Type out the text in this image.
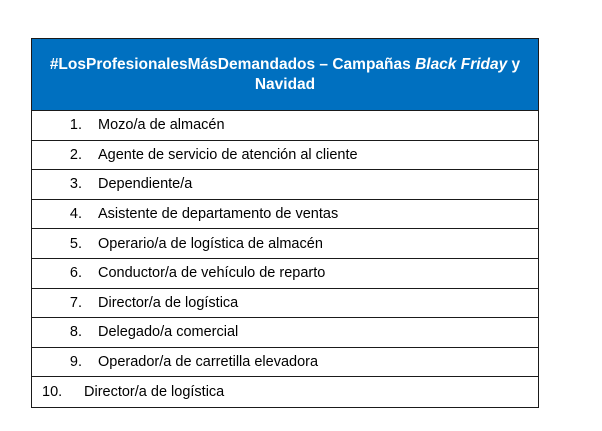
#LosProfesionalesMásDemandados – Campañas Black Friday y Navidad
1. Mozo/a de almacén
2. Agente de servicio de atención al cliente
3. Dependiente/a
4. Asistente de departamento de ventas
5. Operario/a de logística de almacén
6. Conductor/a de vehículo de reparto
7. Director/a de logística
8. Delegado/a comercial
9. Operador/a de carretilla elevadora
10.	Director/a de logística
